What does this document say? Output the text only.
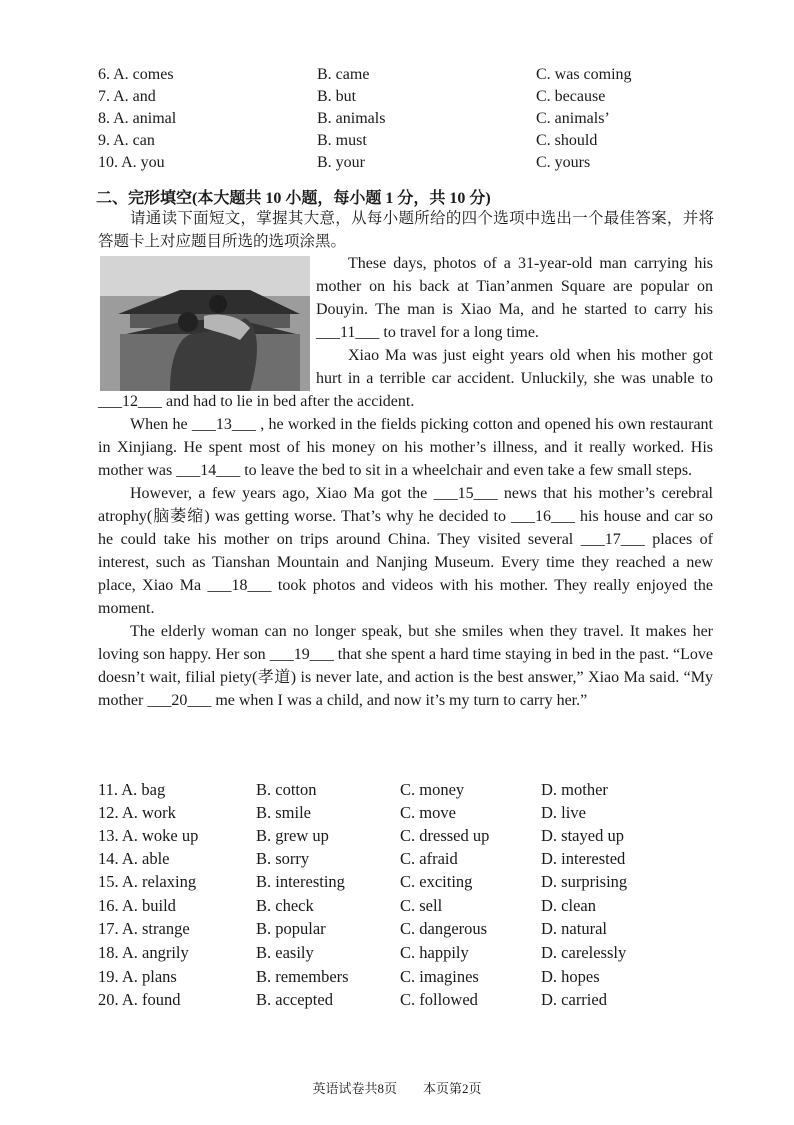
6. A. comes	B. came	C. was coming
7. A. and	B. but	C. because
8. A. animal	B. animals	C. animals’
9. A. can	B. must	C. should
10. A. you	B. your	C. yours
二、完形填空(本大题共 10 小题，每小题 1 分，共 10 分)
请通读下面短文，掌握其大意，从每小题所给的四个选项中选出一个最佳答案，并将答题卡上对应题目所选的选项涂黑。

These days, photos of a 31-year-old man carrying his mother on his back at Tian’anmen Square are popular on Douyin. The man is Xiao Ma, and he started to carry his ___11___ to travel for a long time.

Xiao Ma was just eight years old when his mother got hurt in a terrible car accident. Unluckily, she was unable to ___12___ and had to lie in bed after the accident.

When he ___13___ , he worked in the fields picking cotton and opened his own restaurant in Xinjiang. He spent most of his money on his mother’s illness, and it really worked. His mother was ___14___ to leave the bed to sit in a wheelchair and even take a few small steps.

However, a few years ago, Xiao Ma got the ___15___ news that his mother’s cerebral atrophy(脑萎缩) was getting worse. That’s why he decided to ___16___ his house and car so he could take his mother on trips around China. They visited several ___17___ places of interest, such as Tianshan Mountain and Nanjing Museum. Every time they reached a new place, Xiao Ma ___18___ took photos and videos with his mother. They really enjoyed the moment.

The elderly woman can no longer speak, but she smiles when they travel. It makes her loving son happy. Her son ___19___ that she spent a hard time staying in bed in the past. “Love doesn’t wait, filial piety(孝道) is never late, and action is the best answer,” Xiao Ma said. “My mother ___20___ me when I was a child, and now it’s my turn to carry her.”

11. A. bag	B. cotton	C. money	D. mother
12. A. work	B. smile	C. move	D. live
13. A. woke up	B. grew up	C. dressed up	D. stayed up
14. A. able	B. sorry	C. afraid	D. interested
15. A. relaxing	B. interesting	C. exciting	D. surprising
16. A. build	B. check	C. sell	D. clean
17. A. strange	B. popular	C. dangerous	D. natural
18. A. angrily	B. easily	C. happily	D. carelessly
19. A. plans	B. remembers	C. imagines	D. hopes
20. A. found	B. accepted	C. followed	D. carried
英语试卷共8页　　本页第2页
